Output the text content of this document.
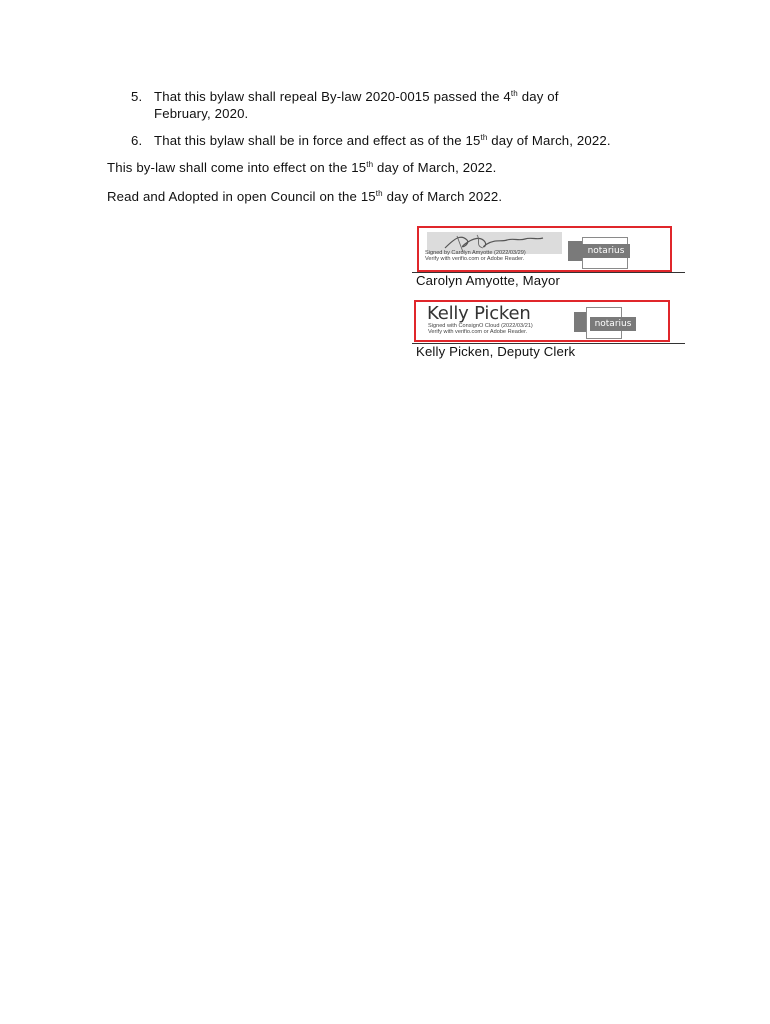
5. That this bylaw shall repeal By-law 2020-0015 passed the 4th day of
February, 2020.
6. That this bylaw shall be in force and effect as of the 15th day of March, 2022.
This by-law shall come into effect on the 15th day of March, 2022.
Read and Adopted in open Council on the 15th day of March 2022.
Signed by Carolyn Amyotte (2022/03/29)
Verify with verifio.com or Adobe Reader.
notarius
Carolyn Amyotte, Mayor
Kelly Picken
Signed with ConsignO Cloud (2022/03/21)
Verify with verifio.com or Adobe Reader.
notarius
Kelly Picken, Deputy Clerk
